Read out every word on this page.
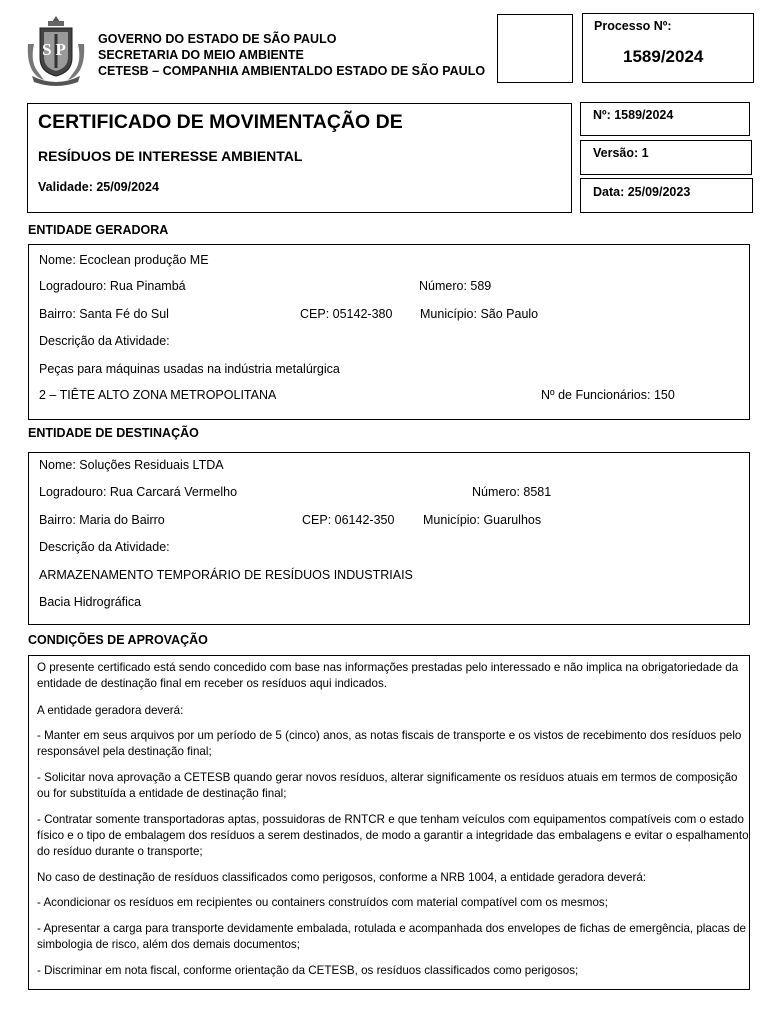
SP
GOVERNO DO ESTADO DE SÃO PAULO
SECRETARIA DO MEIO AMBIENTE
CETESB – COMPANHIA AMBIENTALDO ESTADO DE SÃO PAULO
Processo Nº:
1589/2024
CERTIFICADO DE MOVIMENTAÇÃO DE
RESÍDUOS DE INTERESSE AMBIENTAL
Validade: 25/09/2024
Nº: 1589/2024
Versão: 1
Data: 25/09/2023
ENTIDADE GERADORA
Nome: Ecoclean produção ME
Logradouro: Rua Pinambá	Número: 589
Bairro: Santa Fé do Sul	CEP: 05142-380 Município: São Paulo
Descrição da Atividade:
Peças para máquinas usadas na indústria metalúrgica
2 – TIÊTE ALTO ZONA METROPOLITANA	Nº de Funcionários: 150
ENTIDADE DE DESTINAÇÃO
Nome: Soluções Residuais LTDA
Logradouro: Rua Carcará Vermelho	Número: 8581
Bairro: Maria do Bairro	CEP: 06142-350 Município: Guarulhos
Descrição da Atividade:
ARMAZENAMENTO TEMPORÁRIO DE RESÍDUOS INDUSTRIAIS
Bacia Hidrográfica
CONDIÇÕES DE APROVAÇÃO
O presente certificado está sendo concedido com base nas informações prestadas pelo interessado e não implica na obrigatoriedade da entidade de destinação final em receber os resíduos aqui indicados.
A entidade geradora deverá:
- Manter em seus arquivos por um período de 5 (cinco) anos, as notas fiscais de transporte e os vistos de recebimento dos resíduos pelo responsável pela destinação final;
- Solicitar nova aprovação a CETESB quando gerar novos resíduos, alterar significamente os resíduos atuais em termos de composição ou for substituída a entidade de destinação final;
- Contratar somente transportadoras aptas, possuidoras de RNTCR e que tenham veículos com equipamentos compatíveis com o estado físico e o tipo de embalagem dos resíduos a serem destinados, de modo a garantir a integridade das embalagens e evitar o espalhamento do resíduo durante o transporte;
No caso de destinação de resíduos classificados como perigosos, conforme a NRB 1004, a entidade geradora deverá:
- Acondicionar os resíduos em recipientes ou containers construídos com material compatível com os mesmos;
- Apresentar a carga para transporte devidamente embalada, rotulada e acompanhada dos envelopes de fichas de emergência, placas de simbologia de risco, além dos demais documentos;
- Discriminar em nota fiscal, conforme orientação da CETESB, os resíduos classificados como perigosos;
